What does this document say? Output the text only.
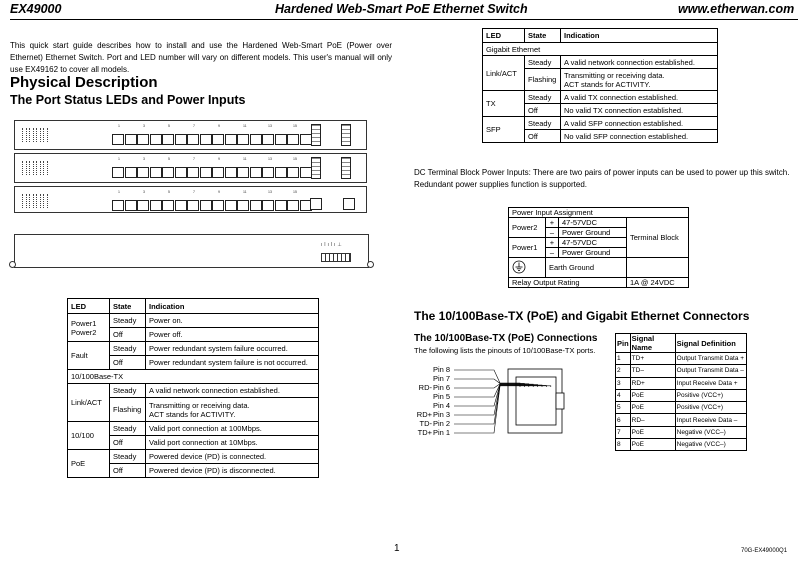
EX49000	Hardened Web-Smart PoE Ethernet Switch	www.etherwan.com
This quick start guide describes how to install and use the Hardened Web-Smart PoE (Power over Ethernet) Ethernet Switch. Port and LED number will vary on different models. This user's manual will only use EX49162 to cover all models.
Physical Description
The Port Status LEDs and Power Inputs
ılılı⊥
1	3	5	7	9	11	13	15
1	3	5	7	9	11	13	15
1	3	5	7	9	11	13	15
LED	State	Indication

Power1
Power2	Steady	Power on.
	Off	Power off.
Fault	Steady	Power redundant system failure occurred.
	Off	Power redundant system failure is not occurred.
10/100Base-TX		
Link/ACT	Steady	A valid network connection established.
	Flashing	Transmitting or receiving data.
ACT stands for ACTIVITY.

10/100	Steady	Valid port connection at 100Mbps.
	Off	Valid port connection at 10Mbps.
PoE	Steady	Powered device (PD) is connected.
	Off	Powered device (PD) is disconnected.
LED	State	Indication
Gigabit Ethernet		
Link/ACT	Steady	A valid network connection established.
	Flashing	Transmitting or receiving data.
ACT stands for ACTIVITY.

TX	Steady	A valid TX connection established.
	Off	No valid TX connection established.
SFP	Steady	A valid SFP connection established.
	Off	No valid SFP connection established.
DC Terminal Block Power Inputs: There are two pairs of power inputs can be used to power up this switch. Redundant power supplies function is supported.
Power Input Assignment			
Power2	+	47-57VDC	Terminal Block
	–	Power Ground	
Power1	+	47-57VDC	
	–	Power Ground	
	Earth Ground		
Relay Output Rating			1A @ 24VDC
The 10/100Base-TX (PoE) and Gigabit Ethernet Connectors
The 10/100Base-TX (PoE) Connections
The following lists the pinouts of 10/100Base-TX ports.
Pin 8
Pin 7
RD- Pin 6
Pin 5
Pin 4
RD+ Pin 3
TD- Pin 2
TD+ Pin 1
Pin	Signal Name	Signal Definition
1	TD+	Output Transmit Data +
2	TD–	Output Transmit Data –
3	RD+	Input Receive Data +
4	PoE	Positive (VCC+)
5	PoE	Positive (VCC+)
6	RD–	Input Receive Data –
7	PoE	Negative (VCC–)
8	PoE	Negative (VCC–)
1	70G-EX49000Q1
